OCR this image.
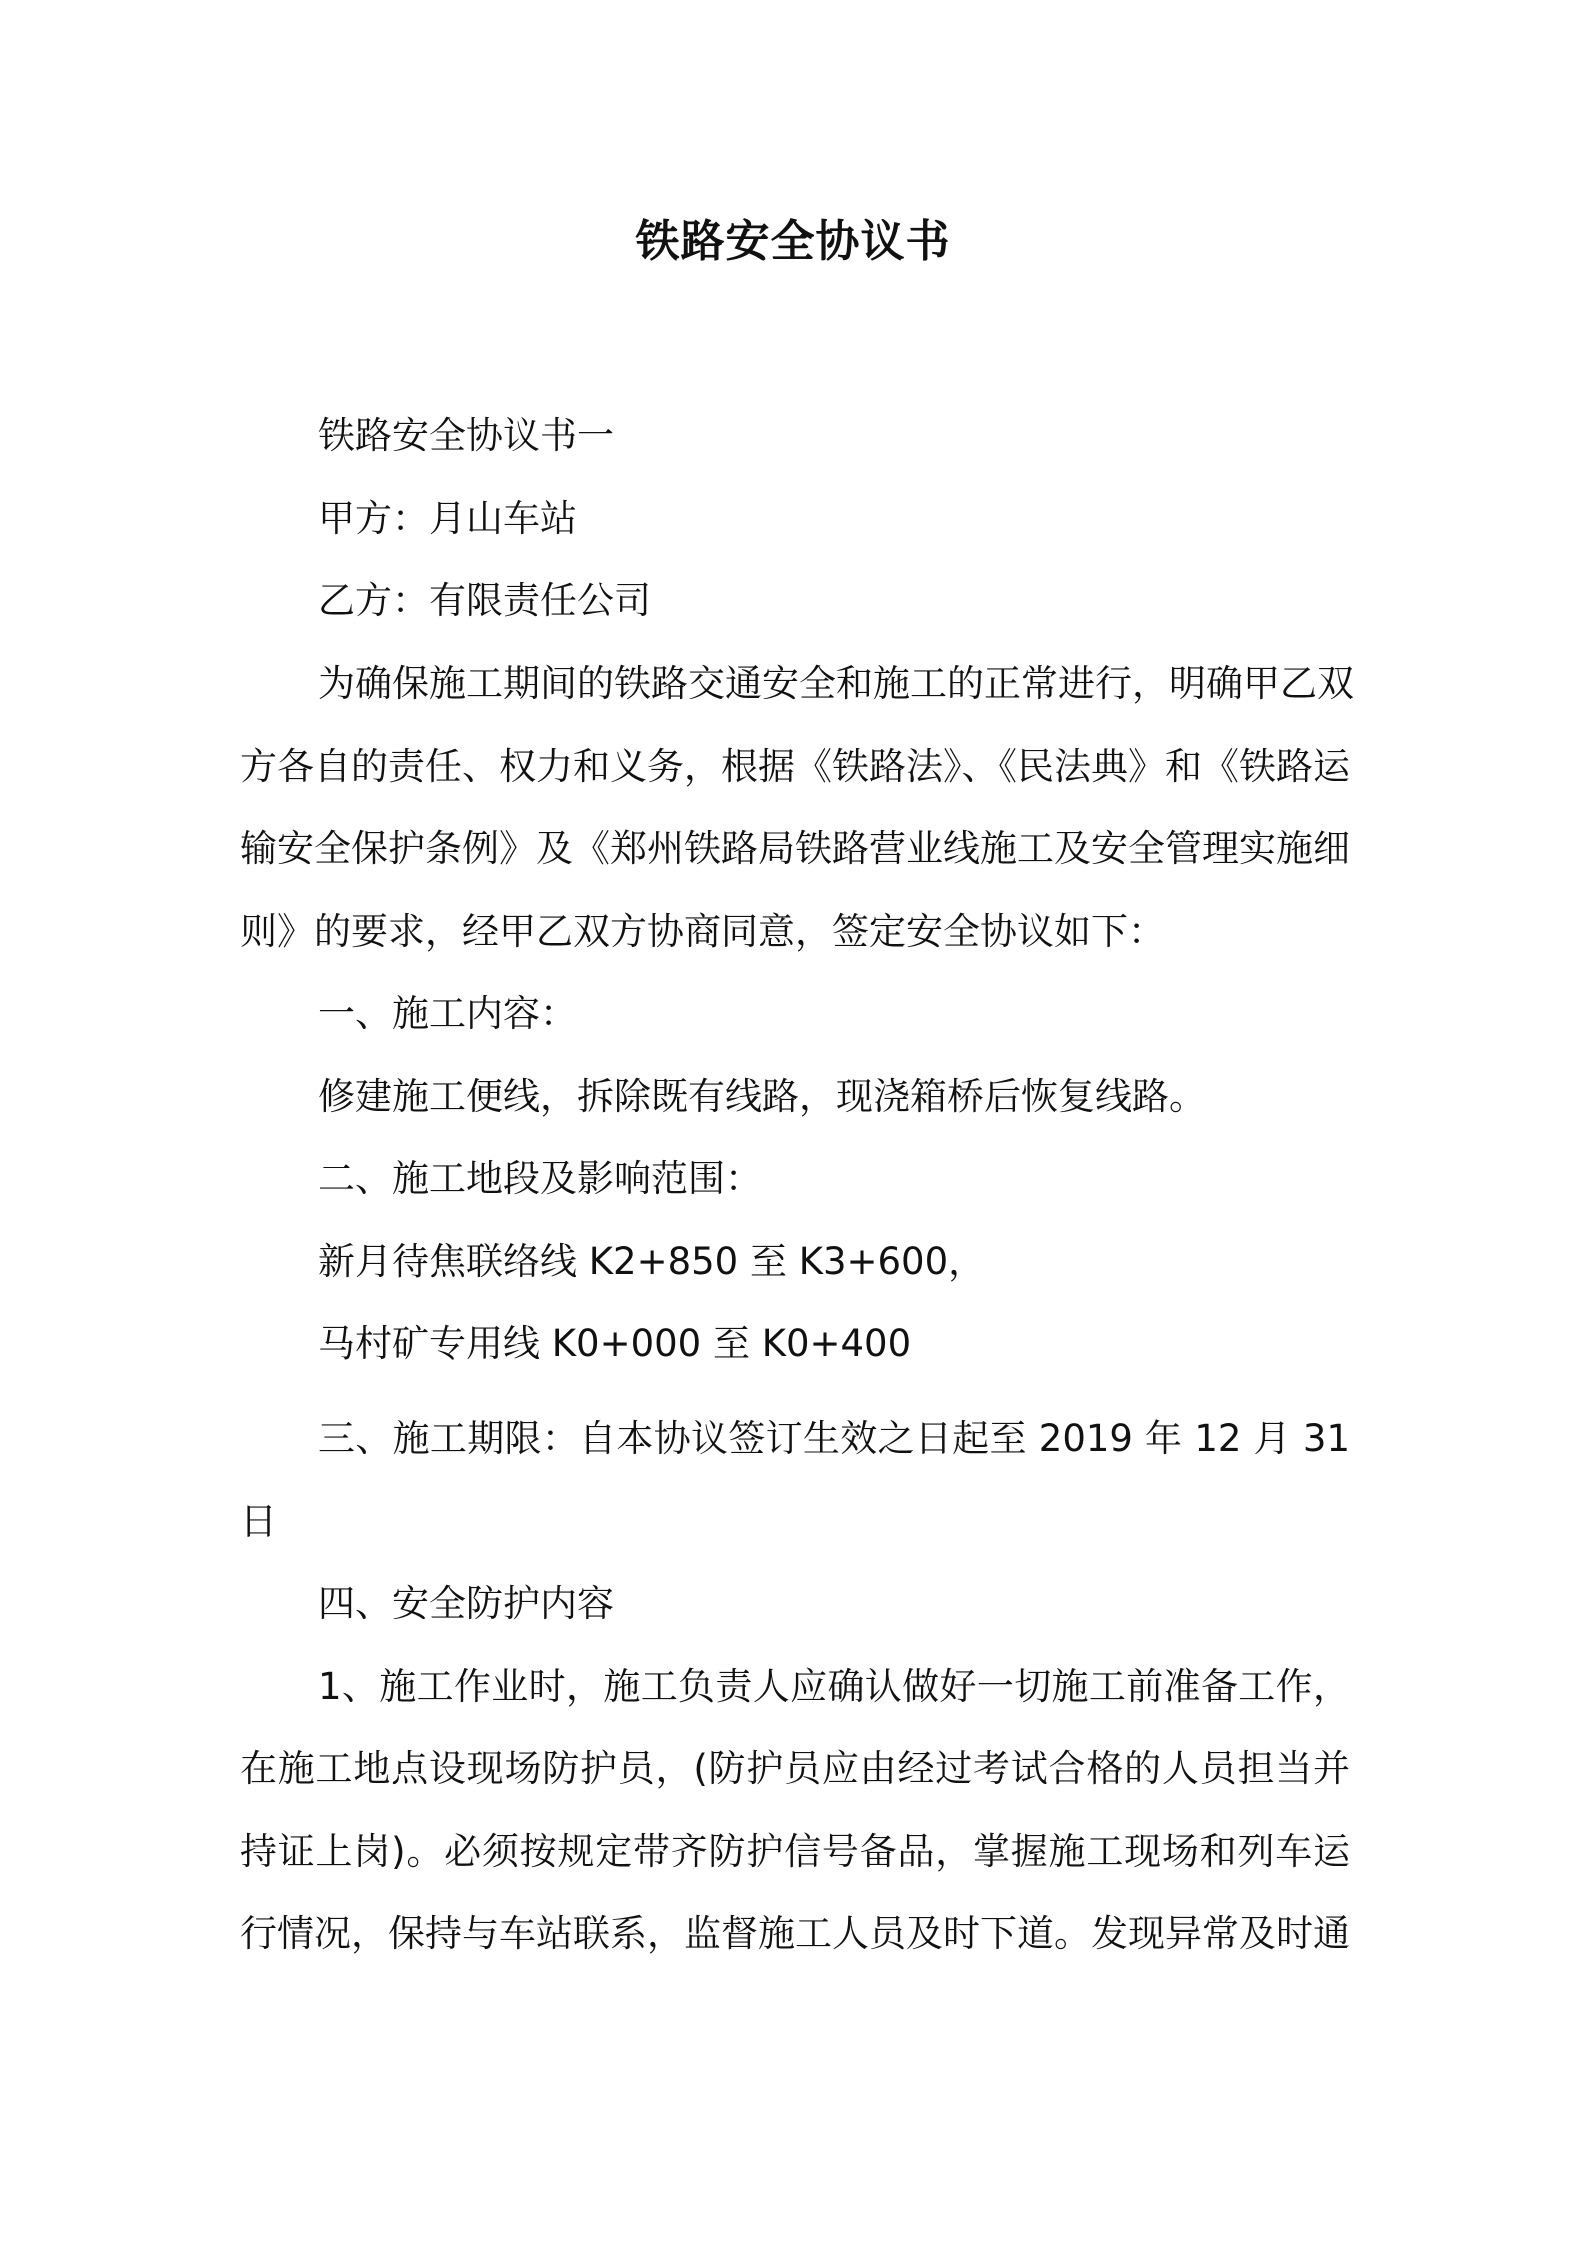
铁路安全协议书
铁路安全协议书一
甲方：月山车站
乙方：有限责任公司
为确保施工期间的铁路交通安全和施工的正常进行，明确甲乙双
方各自的责任、权力和义务，根据《铁路法》、《民法典》和《铁路运
输安全保护条例》及《郑州铁路局铁路营业线施工及安全管理实施细
则》的要求，经甲乙双方协商同意，签定安全协议如下：
一、施工内容：
修建施工便线，拆除既有线路，现浇箱桥后恢复线路。
二、施工地段及影响范围：
新月待焦联络线 K2+850 至 K3+600，
马村矿专用线 K0+000 至 K0+400
三、施工期限：自本协议签订生效之日起至 2019 年 12 月 31
日
四、安全防护内容
1、施工作业时，施工负责人应确认做好一切施工前准备工作，
在施工地点设现场防护员，(防护员应由经过考试合格的人员担当并
持证上岗)。必须按规定带齐防护信号备品，掌握施工现场和列车运
行情况，保持与车站联系，监督施工人员及时下道。发现异常及时通
